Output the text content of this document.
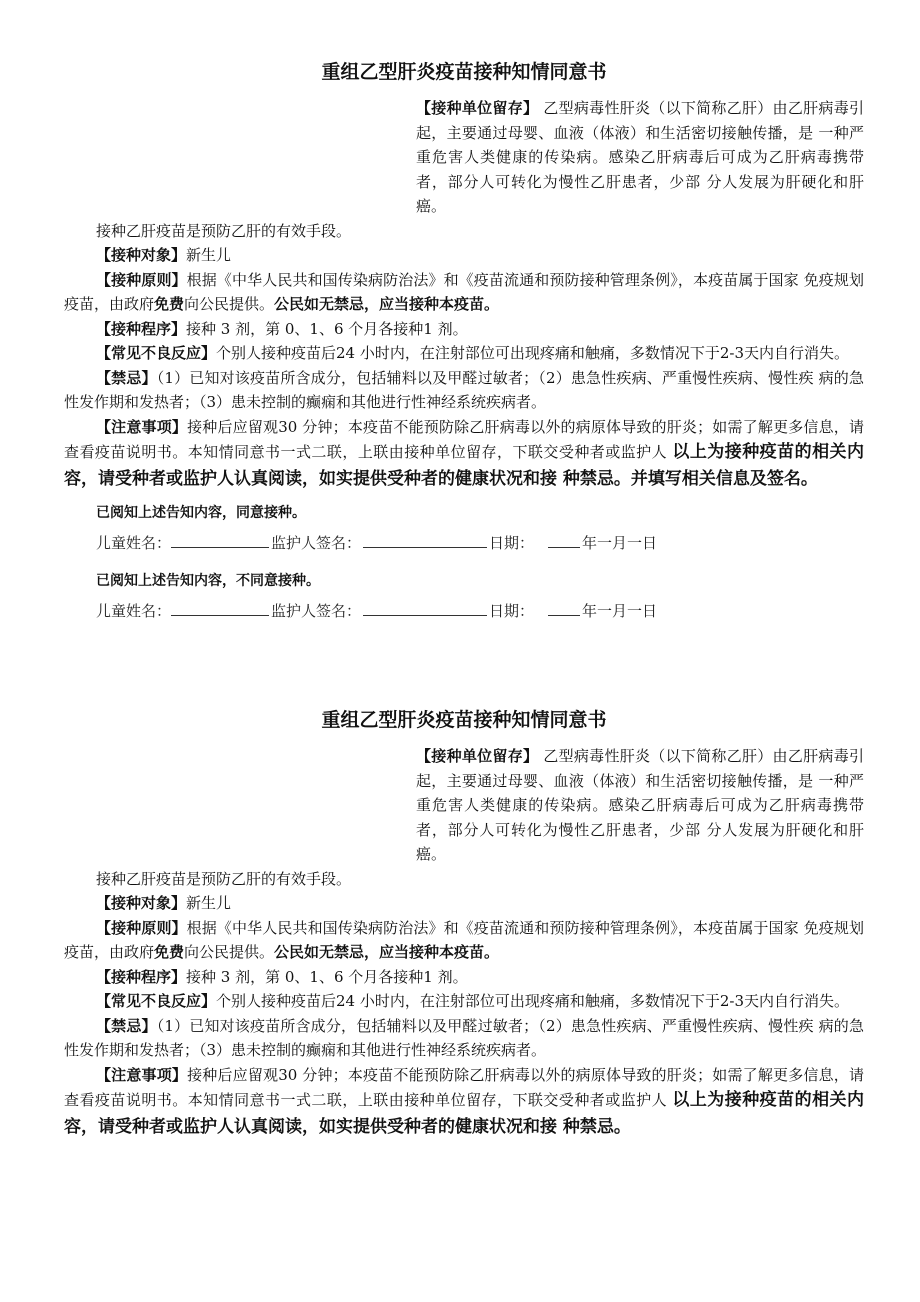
重组乙型肝炎疫苗接种知情同意书

【接种单位留存】 乙型病毒性肝炎（以下简称乙肝）由乙肝病毒引起，主要通过母婴、血液（体液）和生活密切接触传播，是 一种严重危害人类健康的传染病。感染乙肝病毒后可成为乙肝病毒携带者，部分人可转化为慢性乙肝患者，少部 分人发展为肝硬化和肝癌。

接种乙肝疫苗是预防乙肝的有效手段。

【接种对象】新生儿

【接种原则】根据《中华人民共和国传染病防治法》和《疫苗流通和预防接种管理条例》，本疫苗属于国家 免疫规划疫苗，由政府免费向公民提供。公民如无禁忌，应当接种本疫苗。

【接种程序】接种 3 剂，第 0、1、6 个月各接种1 剂。

【常见不良反应】个别人接种疫苗后24 小时内，在注射部位可出现疼痛和触痛，多数情况下于2-3天内自行消失。

【禁忌】（1）已知对该疫苗所含成分，包括辅料以及甲醛过敏者；（2）患急性疾病、严重慢性疾病、慢性疾 病的急性发作期和发热者；（3）患未控制的癫痫和其他进行性神经系统疾病者。

【注意事项】接种后应留观30 分钟；本疫苗不能预防除乙肝病毒以外的病原体导致的肝炎；如需了解更多信息，请查看疫苗说明书。本知情同意书一式二联，上联由接种单位留存，下联交受种者或监护人 以上为接种疫苗的相关内容，请受种者或监护人认真阅读，如实提供受种者的健康状况和接 种禁忌。并填写相关信息及签名。

已阅知上述告知内容，同意接种。
儿童姓名：	监护人签名：	日期：	年一月一日
已阅知上述告知内容，不同意接种。
儿童姓名：	监护人签名：	日期：	年一月一日
重组乙型肝炎疫苗接种知情同意书

【接种单位留存】 乙型病毒性肝炎（以下简称乙肝）由乙肝病毒引起，主要通过母婴、血液（体液）和生活密切接触传播，是 一种严重危害人类健康的传染病。感染乙肝病毒后可成为乙肝病毒携带者，部分人可转化为慢性乙肝患者，少部 分人发展为肝硬化和肝癌。

接种乙肝疫苗是预防乙肝的有效手段。

【接种对象】新生儿

【接种原则】根据《中华人民共和国传染病防治法》和《疫苗流通和预防接种管理条例》，本疫苗属于国家 免疫规划疫苗，由政府免费向公民提供。公民如无禁忌，应当接种本疫苗。

【接种程序】接种 3 剂，第 0、1、6 个月各接种1 剂。

【常见不良反应】个别人接种疫苗后24 小时内，在注射部位可出现疼痛和触痛，多数情况下于2-3天内自行消失。

【禁忌】（1）已知对该疫苗所含成分，包括辅料以及甲醛过敏者；（2）患急性疾病、严重慢性疾病、慢性疾 病的急性发作期和发热者；（3）患未控制的癫痫和其他进行性神经系统疾病者。

【注意事项】接种后应留观30 分钟；本疫苗不能预防除乙肝病毒以外的病原体导致的肝炎；如需了解更多信息，请查看疫苗说明书。本知情同意书一式二联，上联由接种单位留存，下联交受种者或监护人 以上为接种疫苗的相关内容，请受种者或监护人认真阅读，如实提供受种者的健康状况和接 种禁忌。
